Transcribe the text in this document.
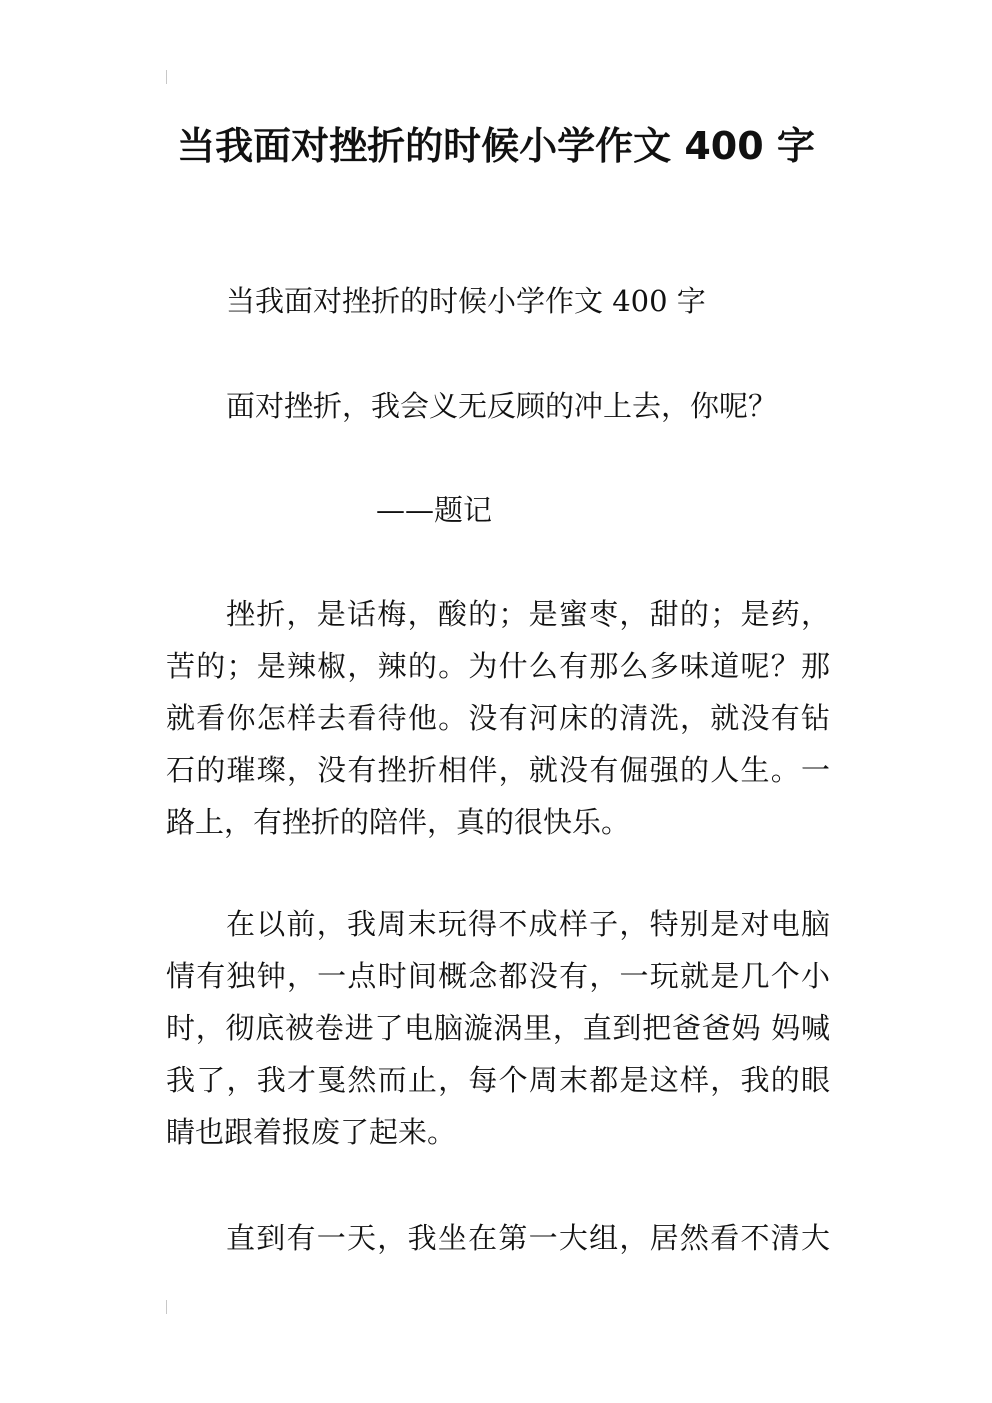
当我面对挫折的时候小学作文 400 字

当我面对挫折的时候小学作文 400 字

面对挫折，我会义无反顾的冲上去，你呢？

——题记

挫折，是话梅，酸的；是蜜枣，甜的；是药，
苦的；是辣椒，辣的。为什么有那么多味道呢？那
就看你怎样去看待他。没有河床的清洗，就没有钻
石的璀璨，没有挫折相伴，就没有倔强的人生。一
路上，有挫折的陪伴，真的很快乐。

在以前，我周末玩得不成样子，特别是对电脑
情有独钟，一点时间概念都没有，一玩就是几个小
时，彻底被卷进了电脑漩涡里，直到把爸爸妈 妈喊
我了，我才戛然而止，每个周末都是这样，我的眼
睛也跟着报废了起来。

直到有一天，我坐在第一大组，居然看不清大
